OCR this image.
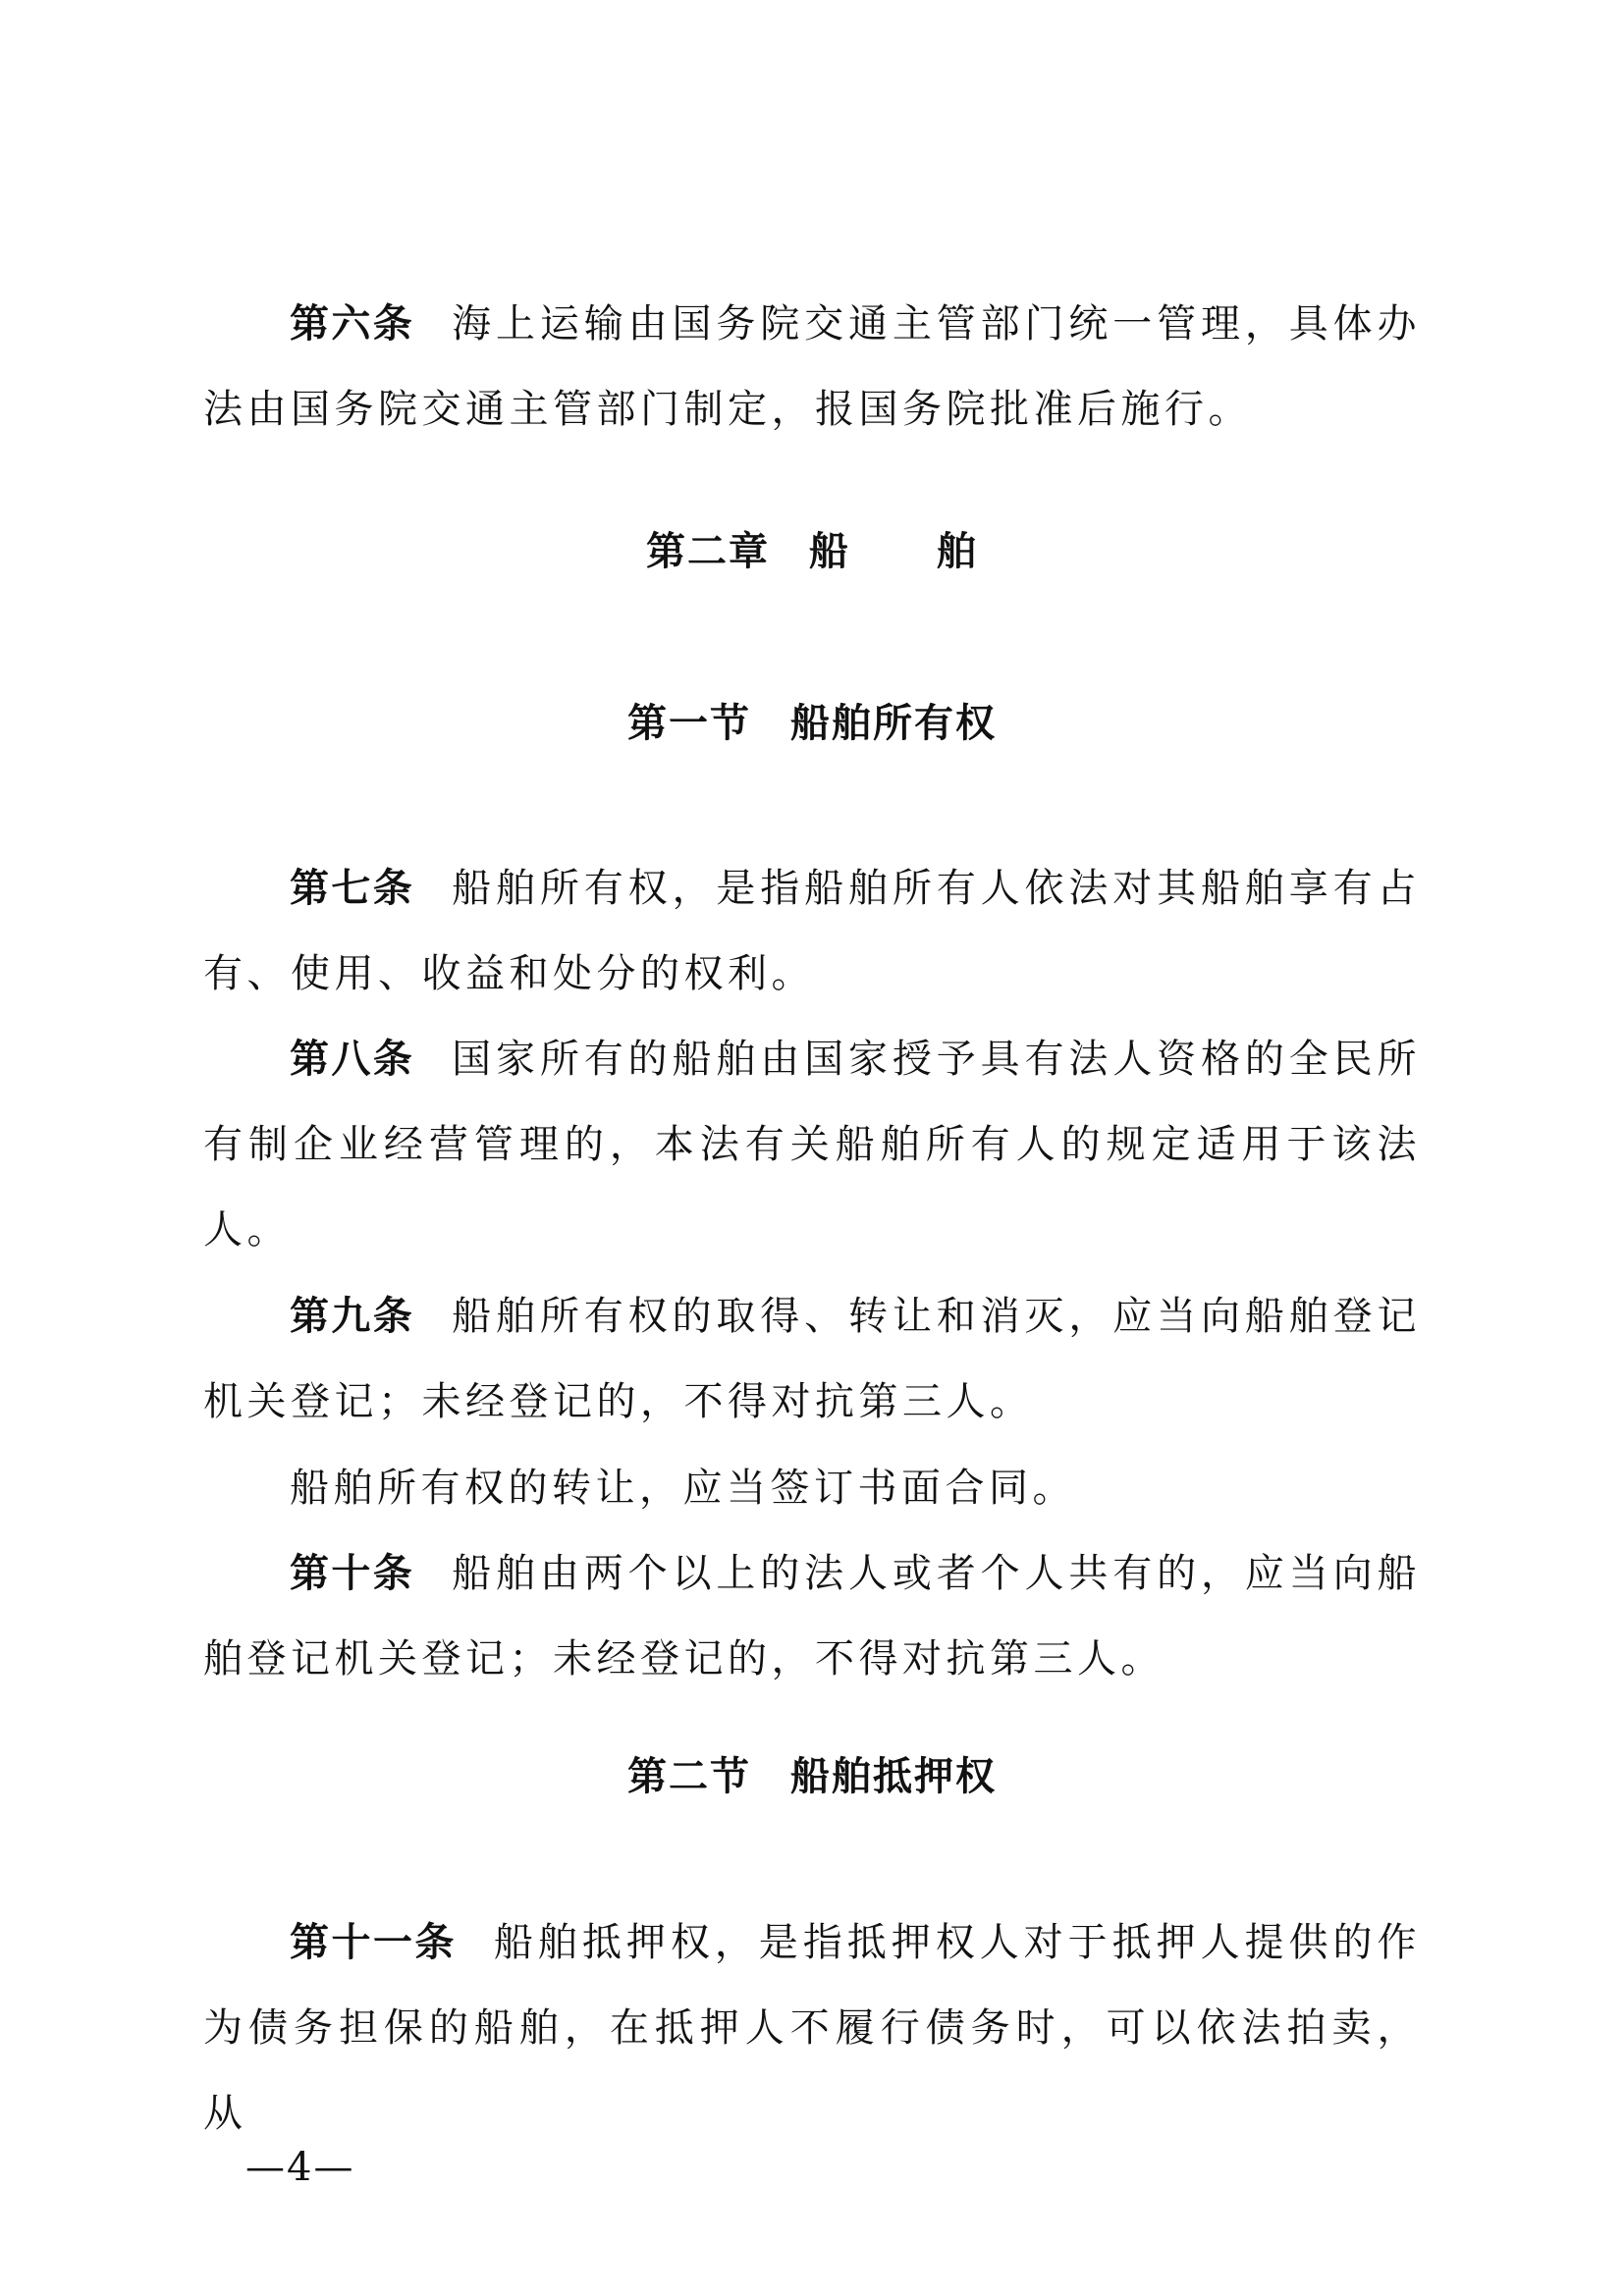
第六条 海上运输由国务院交通主管部门统一管理，具体办法由国务院交通主管部门制定，报国务院批准后施行。

第二章 船 舶
第一节 船舶所有权

第七条 船舶所有权，是指船舶所有人依法对其船舶享有占有、使用、收益和处分的权利。

第八条 国家所有的船舶由国家授予具有法人资格的全民所有制企业经营管理的，本法有关船舶所有人的规定适用于该法人。

第九条 船舶所有权的取得、转让和消灭，应当向船舶登记机关登记；未经登记的，不得对抗第三人。

船舶所有权的转让，应当签订书面合同。

第十条 船舶由两个以上的法人或者个人共有的，应当向船舶登记机关登记；未经登记的，不得对抗第三人。

第二节 船舶抵押权

第十一条 船舶抵押权，是指抵押权人对于抵押人提供的作为债务担保的船舶，在抵押人不履行债务时，可以依法拍卖，从

—4—
